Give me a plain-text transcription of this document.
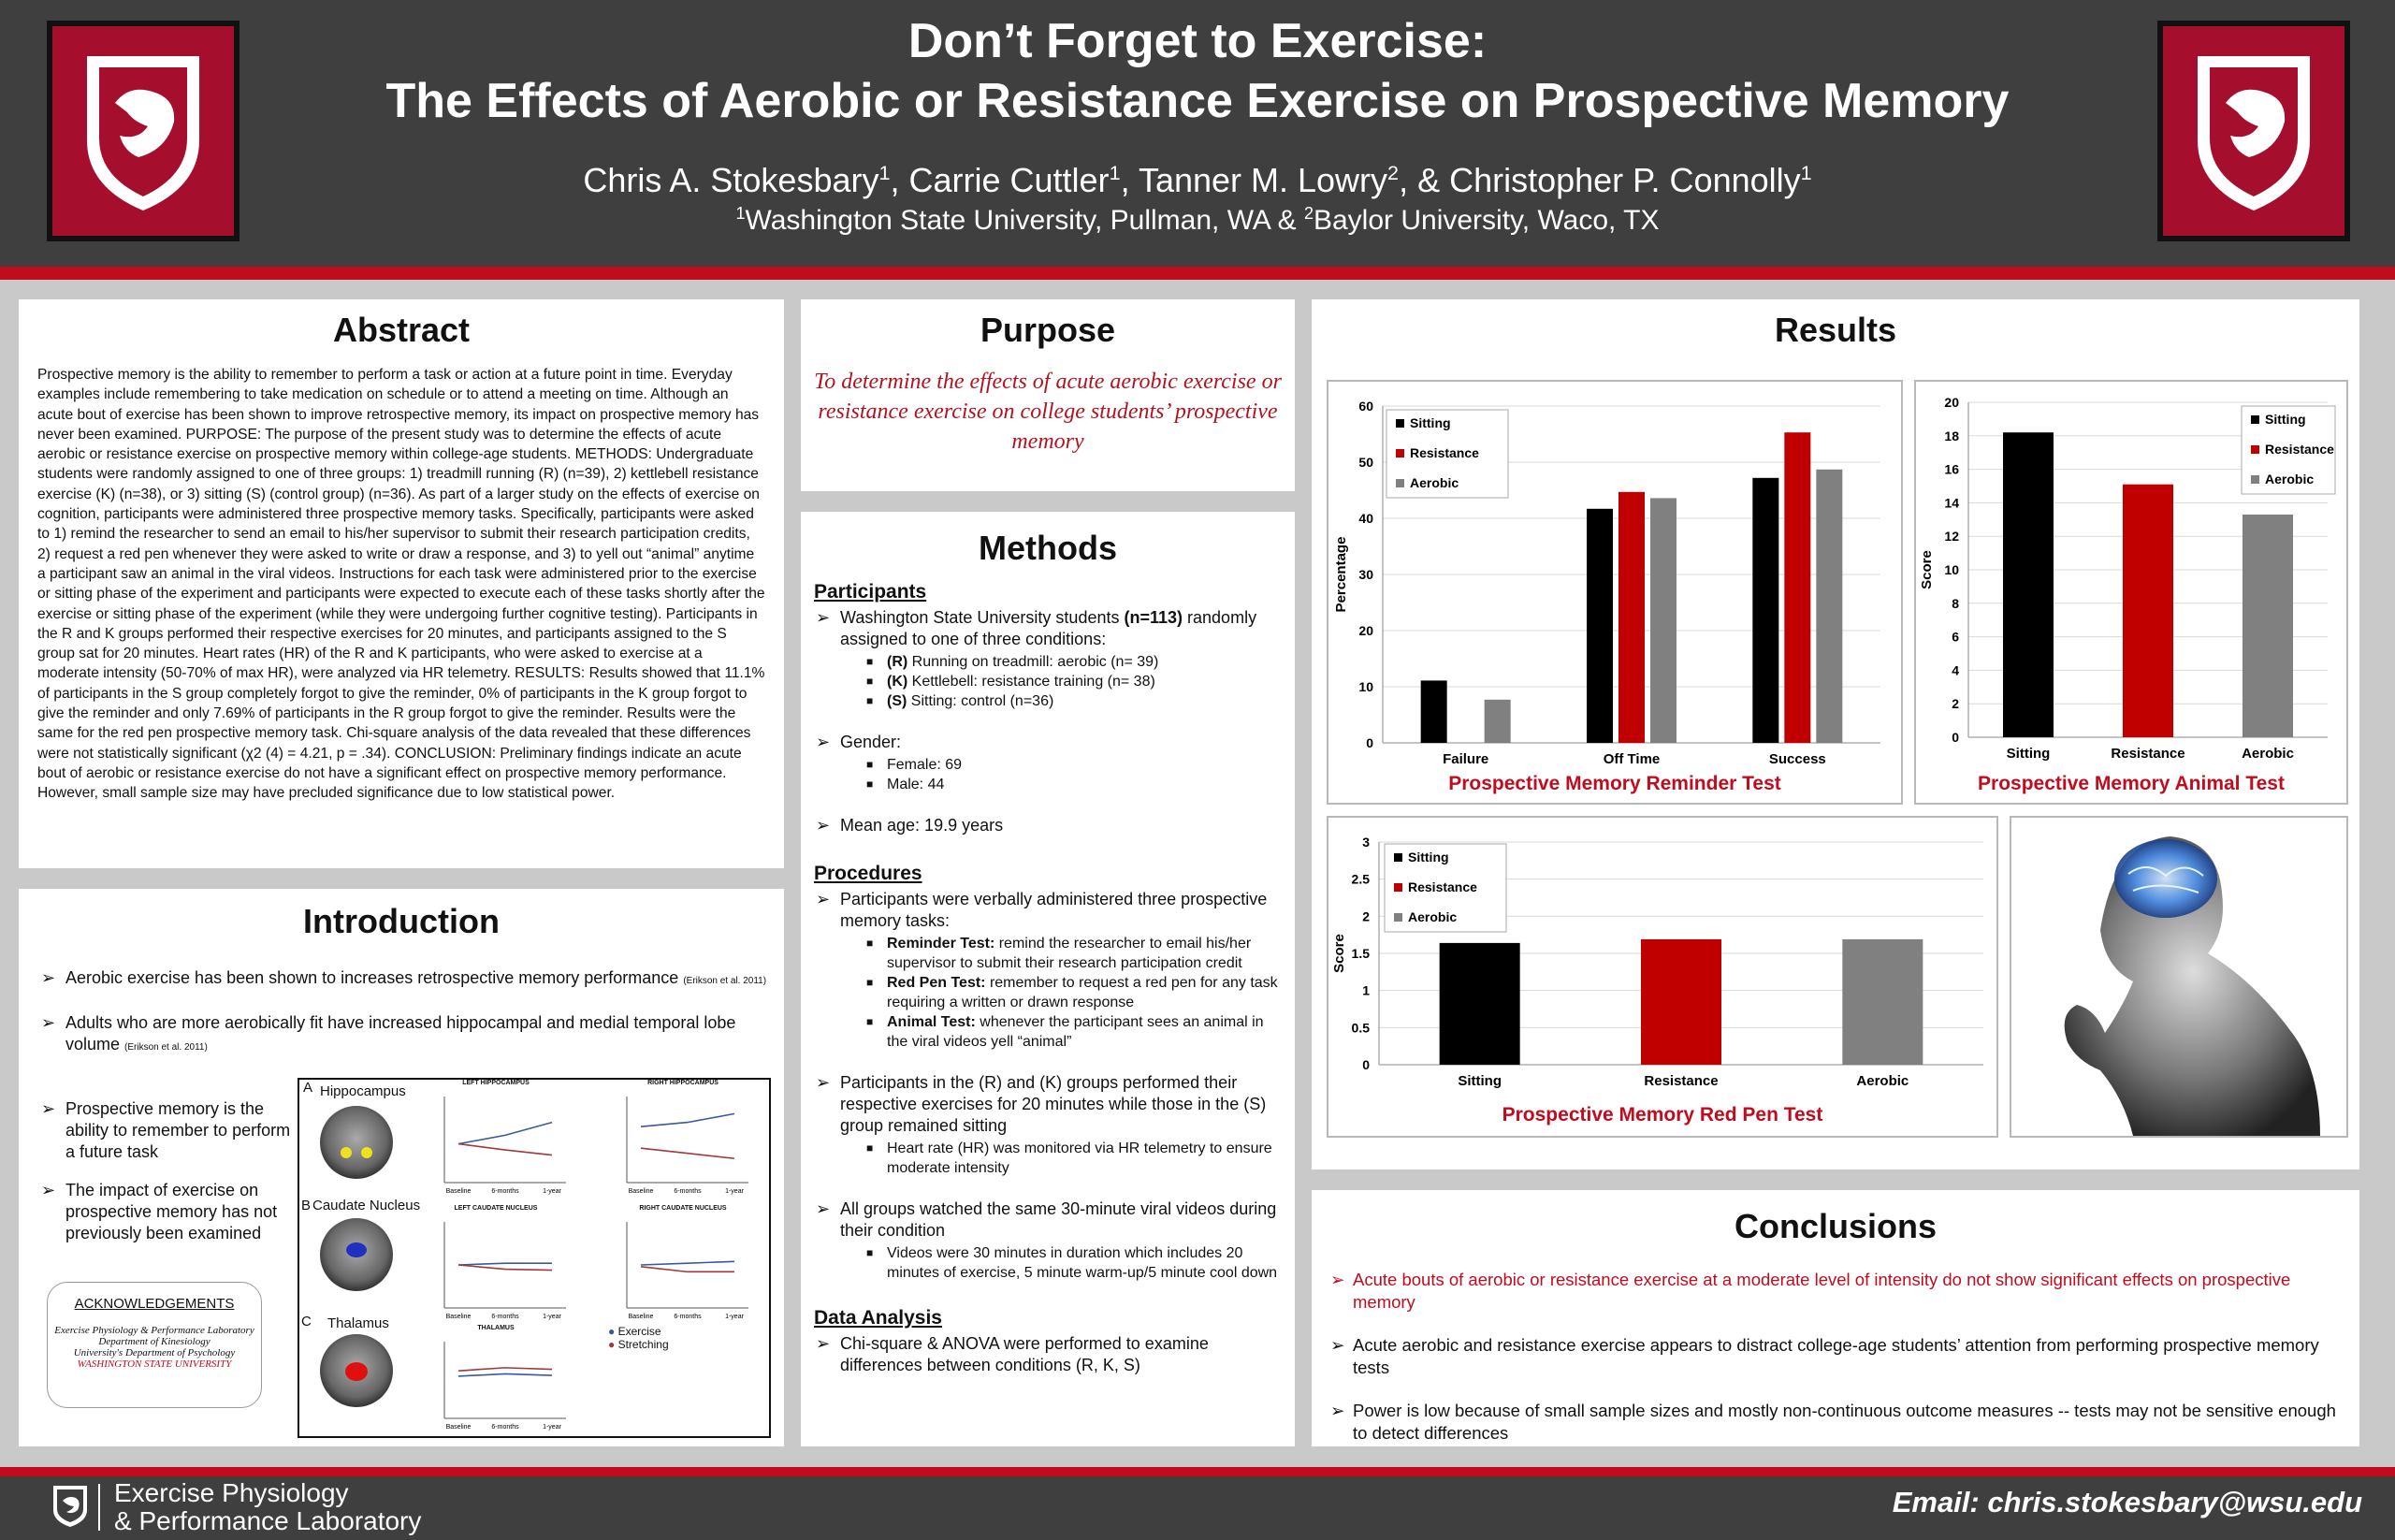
Don’t Forget to Exercise:
The Effects of Aerobic or Resistance Exercise on Prospective Memory
Chris A. Stokesbary$^1$, Carrie Cuttler$^1$, Tanner M. Lowry$^2$, & Christopher P. Connolly$^1$
$^1$Washington State University, Pullman, WA & $^2$Baylor University, Waco, TX
Abstract
Prospective memory is the ability to remember to perform a task or action at a future point in time. Everyday examples include remembering to take medication on schedule or to attend a meeting on time. Although an acute bout of exercise has been shown to improve retrospective memory, its impact on prospective memory has never been examined. PURPOSE: The purpose of the present study was to determine the effects of acute aerobic or resistance exercise on prospective memory within college-age students. METHODS: Undergraduate students were randomly assigned to one of three groups: 1) treadmill running (R) (n=39), 2) kettlebell resistance exercise (K) (n=38), or 3) sitting (S) (control group) (n=36). As part of a larger study on the effects of exercise on cognition, participants were administered three prospective memory tasks. Specifically, participants were asked to 1) remind the researcher to send an email to his/her supervisor to submit their research participation credits, 2) request a red pen whenever they were asked to write or draw a response, and 3) to yell out “animal” anytime a participant saw an animal in the viral videos. Instructions for each task were administered prior to the exercise or sitting phase of the experiment and participants were expected to execute each of these tasks shortly after the exercise or sitting phase of the experiment (while they were undergoing further cognitive testing). Participants in the R and K groups performed their respective exercises for 20 minutes, and participants assigned to the S group sat for 20 minutes. Heart rates (HR) of the R and K participants, who were asked to exercise at a moderate intensity (50-70% of max HR), were analyzed via HR telemetry. RESULTS: Results showed that 11.1% of participants in the S group completely forgot to give the reminder, 0% of participants in the K group forgot to give the reminder and only 7.69% of participants in the R group forgot to give the reminder. Results were the same for the red pen prospective memory task. Chi-square analysis of the data revealed that these differences were not statistically significant (χ2 (4) = 4.21, p = .34). CONCLUSION: Preliminary findings indicate an acute bout of aerobic or resistance exercise do not have a significant effect on prospective memory performance. However, small sample size may have precluded significance due to low statistical power.
Introduction
➢ Aerobic exercise has been shown to increases retrospective memory performance (Erikson et al. 2011)
➢ Adults who are more aerobically fit have increased hippocampal and medial temporal lobe volume (Erikson et al. 2011)
➢ Prospective memory is the ability to remember to perform a future task
➢ The impact of exercise on prospective memory has not previously been examined
Baseline	6-months	1-year	Baseline	6-months	1-year
Baseline	6-months	1-year	Baseline	6-months	1-year
Baseline	6-months	1-year
A Hippocampus
B Caudate Nucleus
C Thalamus
LEFT HIPPOCAMPUS	RIGHT HIPPOCAMPUS
LEFT CAUDATE NUCLEUS	RIGHT CAUDATE NUCLEUS
THALAMUS	● Exercise
● Stretching
ACKNOWLEDGEMENTS
Exercise Physiology & Performance Laboratory
Department of Kinesiology
University's Department of Psychology
WASHINGTON STATE UNIVERSITY
Purpose
To determine the effects of acute aerobic exercise or resistance exercise on college students’ prospective memory
Methods
Participants
➢ Washington State University students (n=113) randomly assigned to one of three conditions:
■ (R) Running on treadmill: aerobic (n= 39)
■ (K) Kettlebell: resistance training (n= 38)
■ (S) Sitting: control (n=36)
➢ Gender:
■ Female: 69
■ Male: 44
➢ Mean age: 19.9 years
Procedures
➢ Participants were verbally administered three prospective memory tasks:
■ Reminder Test: remind the researcher to email his/her supervisor to submit their research participation credit
■ Red Pen Test: remember to request a red pen for any task requiring a written or drawn response
■ Animal Test: whenever the participant sees an animal in the viral videos yell “animal”
➢ Participants in the (R) and (K) groups performed their respective exercises for 20 minutes while those in the (S) group remained sitting
■ Heart rate (HR) was monitored via HR telemetry to ensure moderate intensity
➢ All groups watched the same 30-minute viral videos during their condition
■ Videos were 30 minutes in duration which includes 20 minutes of exercise, 5 minute warm-up/5 minute cool down
Data Analysis
➢ Chi-square & ANOVA were performed to examine differences between conditions (R, K, S)
Results
0
10
20
30
40
50
60
Percentage
Failure	Off Time	Success
Sitting
Resistance
Aerobic
Prospective Memory Reminder Test
0
2
4
6
8
10
12
14
16
18
20
Score
Sitting	Resistance	Aerobic
Sitting
Resistance
Aerobic
Prospective Memory Animal Test
0
0.5
1
1.5
2
2.5
3
Score
Sitting	Resistance	Aerobic
Sitting
Resistance
Aerobic
Prospective Memory Red Pen Test
Conclusions
➢ Acute bouts of aerobic or resistance exercise at a moderate level of intensity do not show significant effects on prospective memory
➢ Acute aerobic and resistance exercise appears to distract college-age students’ attention from performing prospective memory tests
➢ Power is low because of small sample sizes and mostly non-continuous outcome measures -- tests may not be sensitive enough to detect differences
Exercise Physiology
& Performance Laboratory
Email: chris.stokesbary@wsu.edu
